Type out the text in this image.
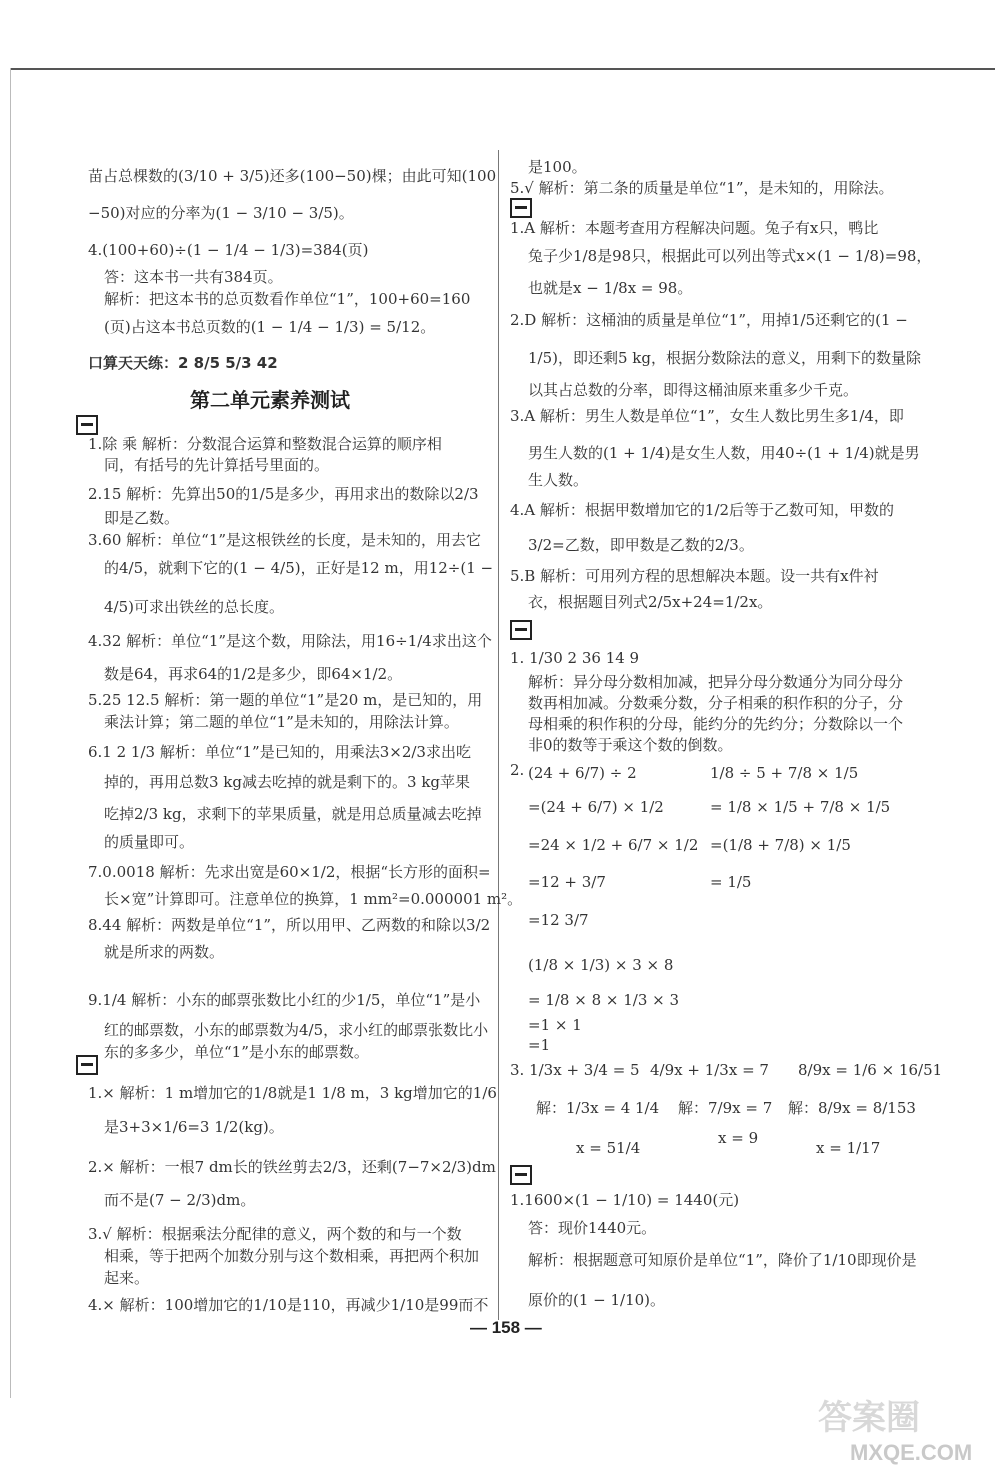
苗占总棵数的(3/10 + 3/5)还多(100−50)棵；由此可知(100
−50)对应的分率为(1 − 3/10 − 3/5)。
4.(100+60)÷(1 − 1/4 − 1/3)=384(页)
答：这本书一共有384页。
解析：把这本书的总页数看作单位“1”，100+60=160
(页)占这本书总页数的(1 − 1/4 − 1/3) = 5/12。
口算天天练：2 8/5 5/3 42
第二单元素养测试
1.除 乘 解析：分数混合运算和整数混合运算的顺序相
同，有括号的先计算括号里面的。
2.15 解析：先算出50的1/5是多少，再用求出的数除以2/3
即是乙数。
3.60 解析：单位“1”是这根铁丝的长度，是未知的，用去它
的4/5，就剩下它的(1 − 4/5)，正好是12 m，用12÷(1 −
4/5)可求出铁丝的总长度。
4.32 解析：单位“1”是这个数，用除法，用16÷1/4求出这个
数是64，再求64的1/2是多少，即64×1/2。
5.25 12.5 解析：第一题的单位“1”是20 m，是已知的，用
乘法计算；第二题的单位“1”是未知的，用除法计算。
6.1 2 1/3 解析：单位“1”是已知的，用乘法3×2/3求出吃
掉的，再用总数3 kg减去吃掉的就是剩下的。3 kg苹果
吃掉2/3 kg，求剩下的苹果质量，就是用总质量减去吃掉
的质量即可。
7.0.0018 解析：先求出宽是60×1/2，根据“长方形的面积=
长×宽”计算即可。注意单位的换算，1 mm²=0.000001 m²。
8.44 解析：两数是单位“1”，所以用甲、乙两数的和除以3/2
就是所求的两数。
9.1/4 解析：小东的邮票张数比小红的少1/5，单位“1”是小
红的邮票数，小东的邮票数为4/5，求小红的邮票张数比小
东的多多少，单位“1”是小东的邮票数。
1.× 解析：1 m增加它的1/8就是1 1/8 m，3 kg增加它的1/6
是3+3×1/6=3 1/2(kg)。
2.× 解析：一根7 dm长的铁丝剪去2/3，还剩(7−7×2/3)dm
而不是(7 − 2/3)dm。
3.√ 解析：根据乘法分配律的意义，两个数的和与一个数
相乘，等于把两个加数分别与这个数相乘，再把两个积加
起来。
4.× 解析：100增加它的1/10是110，再减少1/10是99而不
是100。
5.√ 解析：第二条的质量是单位“1”，是未知的，用除法。
1.A 解析：本题考查用方程解决问题。兔子有x只，鸭比
兔子少1/8是98只，根据此可以列出等式x×(1 − 1/8)=98，
也就是x − 1/8x = 98。
2.D 解析：这桶油的质量是单位“1”，用掉1/5还剩它的(1 −
1/5)，即还剩5 kg，根据分数除法的意义，用剩下的数量除
以其占总数的分率，即得这桶油原来重多少千克。
3.A 解析：男生人数是单位“1”，女生人数比男生多1/4，即
男生人数的(1 + 1/4)是女生人数，用40÷(1 + 1/4)就是男
生人数。
4.A 解析：根据甲数增加它的1/2后等于乙数可知，甲数的
3/2=乙数，即甲数是乙数的2/3。
5.B 解析：可用列方程的思想解决本题。设一共有x件衬
衣，根据题目列式2/5x+24=1/2x。
1. 1/30 2 36 14 9
解析：异分母分数相加减，把异分母分数通分为同分母分
数再相加减。分数乘分数，分子相乘的积作积的分子，分
母相乘的积作积的分母，能约分的先约分；分数除以一个
非0的数等于乘这个数的倒数。
2. (24 + 6/7) ÷ 2
=(24 + 6/7) × 1/2
=24 × 1/2 + 6/7 × 1/2
=12 + 3/7
=12 3/7
1/8 ÷ 5 + 7/8 × 1/5
= 1/8 × 1/5 + 7/8 × 1/5
=(1/8 + 7/8) × 1/5
= 1/5
(1/8 × 1/3) × 3 × 8
= 1/8 × 8 × 1/3 × 3
=1 × 1
=1
3. 1/3x + 3/4 = 5
解：1/3x = 4 1/4
x = 51/4
4/9x + 1/3x = 7
解：7/9x = 7
x = 9
8/9x = 1/6 × 16/51
解：8/9x = 8/153
x = 1/17
1.1600×(1 − 1/10) = 1440(元)
答：现价1440元。
解析：根据题意可知原价是单位“1”，降价了1/10即现价是
原价的(1 − 1/10)。
— 158 —
答案圈
MXQE.COM
